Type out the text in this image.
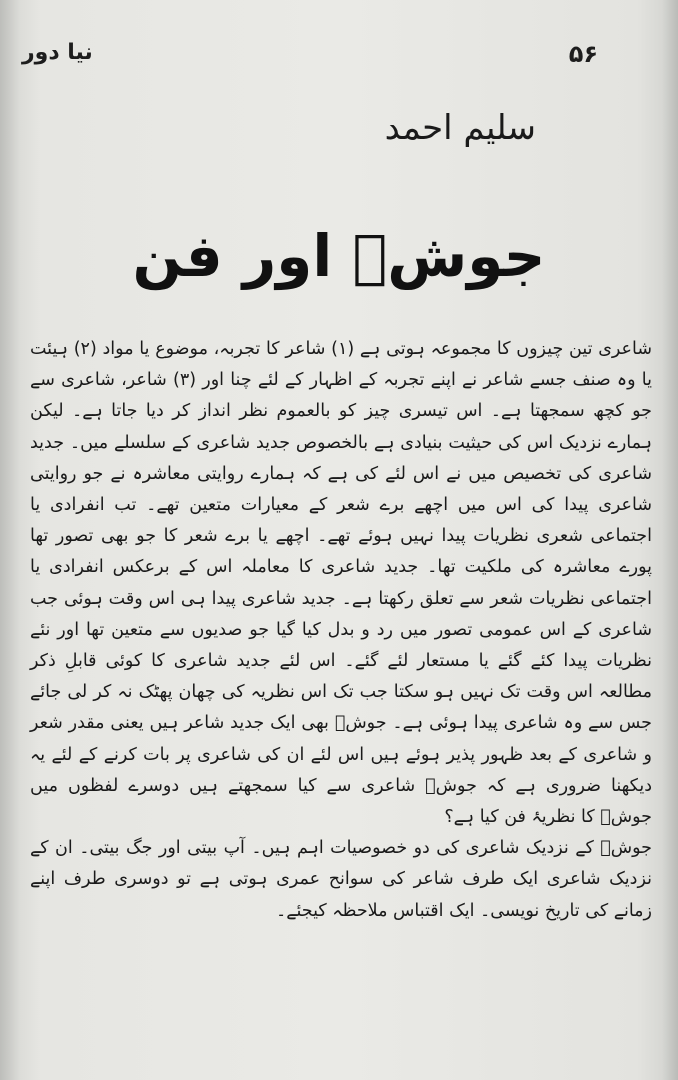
۵۶
نیا دور
سلیم احمد
جوشؔ اور فن

شاعری تین چیزوں کا مجموعہ ہوتی ہے (۱) شاعر کا تجربہ، موضوع یا مواد (۲) ہیئت یا وہ صنف جسے شاعر نے اپنے تجربہ کے اظہار کے لئے چنا اور (۳) شاعر، شاعری سے جو کچھ سمجھتا ہے۔ اس تیسری چیز کو بالعموم نظر انداز کر دیا جاتا ہے۔ لیکن ہمارے نزدیک اس کی حیثیت بنیادی ہے بالخصوص جدید شاعری کے سلسلے میں۔ جدید شاعری کی تخصیص میں نے اس لئے کی ہے کہ ہمارے روایتی معاشرہ نے جو روایتی شاعری پیدا کی اس میں اچھے برے شعر کے معیارات متعین تھے۔ تب انفرادی یا اجتماعی شعری نظریات پیدا نہیں ہوئے تھے۔ اچھے یا برے شعر کا جو بھی تصور تھا پورے معاشرہ کی ملکیت تھا۔ جدید شاعری کا معاملہ اس کے برعکس انفرادی یا اجتماعی نظریات شعر سے تعلق رکھتا ہے۔ جدید شاعری پیدا ہی اس وقت ہوئی جب شاعری کے اس عمومی تصور میں رد و بدل کیا گیا جو صدیوں سے متعین تھا اور نئے نظریات پیدا کئے گئے یا مستعار لئے گئے۔ اس لئے جدید شاعری کا کوئی قابلِ ذکر مطالعہ اس وقت تک نہیں ہو سکتا جب تک اس نظریہ کی چھان پھٹک نہ کر لی جائے جس سے وہ شاعری پیدا ہوئی ہے۔ جوشؔ بھی ایک جدید شاعر ہیں یعنی مقدر شعر و شاعری کے بعد ظہور پذیر ہوئے ہیں اس لئے ان کی شاعری پر بات کرنے کے لئے یہ دیکھنا ضروری ہے کہ جوشؔ شاعری سے کیا سمجھتے ہیں دوسرے لفظوں میں جوشؔ کا نظریۂ فن کیا ہے؟

جوشؔ کے نزدیک شاعری کی دو خصوصیات اہم ہیں۔ آپ بیتی اور جگ بیتی۔ ان کے نزدیک شاعری ایک طرف شاعر کی سوانح عمری ہوتی ہے تو دوسری طرف اپنے زمانے کی تاریخ نویسی۔ ایک اقتباس ملاحظہ کیجئے۔
